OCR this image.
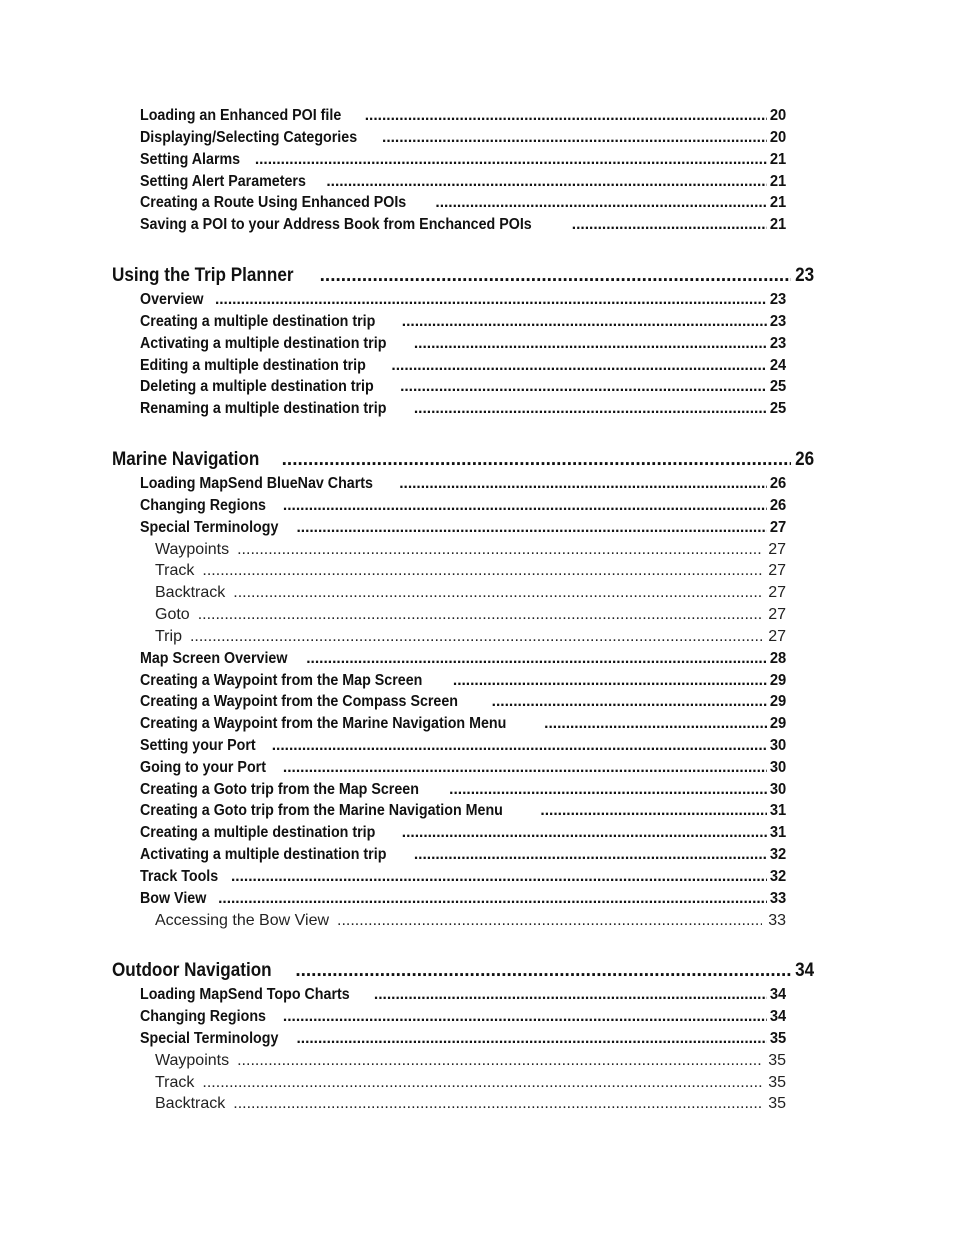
Loading an Enhanced POI file .....	20
Displaying/Selecting Categories .....	20
Setting Alarms .....	21
Setting Alert Parameters .....	21
Creating a Route Using Enhanced POIs .....	21
Saving a POI to your Address Book from Enchanced POIs .....	21
Using the Trip Planner .....	23
Overview .....	23
Creating a multiple destination trip .....	23
Activating a multiple destination trip .....	23
Editing a multiple destination trip .....	24
Deleting a multiple destination trip .....	25
Renaming a multiple destination trip .....	25
Marine Navigation .....	26
Loading MapSend BlueNav Charts .....	26
Changing Regions .....	26
Special Terminology .....	27
Waypoints .....	27
Track .....	27
Backtrack .....	27
Goto .....	27
Trip .....	27
Map Screen Overview .....	28
Creating a Waypoint from the Map Screen .....	29
Creating a Waypoint from the Compass Screen .....	29
Creating a Waypoint from the Marine Navigation Menu .....	29
Setting your Port .....	30
Going to your Port .....	30
Creating a Goto trip from the Map Screen .....	30
Creating a Goto trip from the Marine Navigation Menu .....	31
Creating a multiple destination trip .....	31
Activating a multiple destination trip .....	32
Track Tools .....	32
Bow View .....	33
Accessing the Bow View .....	33
Outdoor Navigation .....	34
Loading MapSend Topo Charts .....	34
Changing Regions .....	34
Special Terminology .....	35
Waypoints .....	35
Track .....	35
Backtrack .....	35
